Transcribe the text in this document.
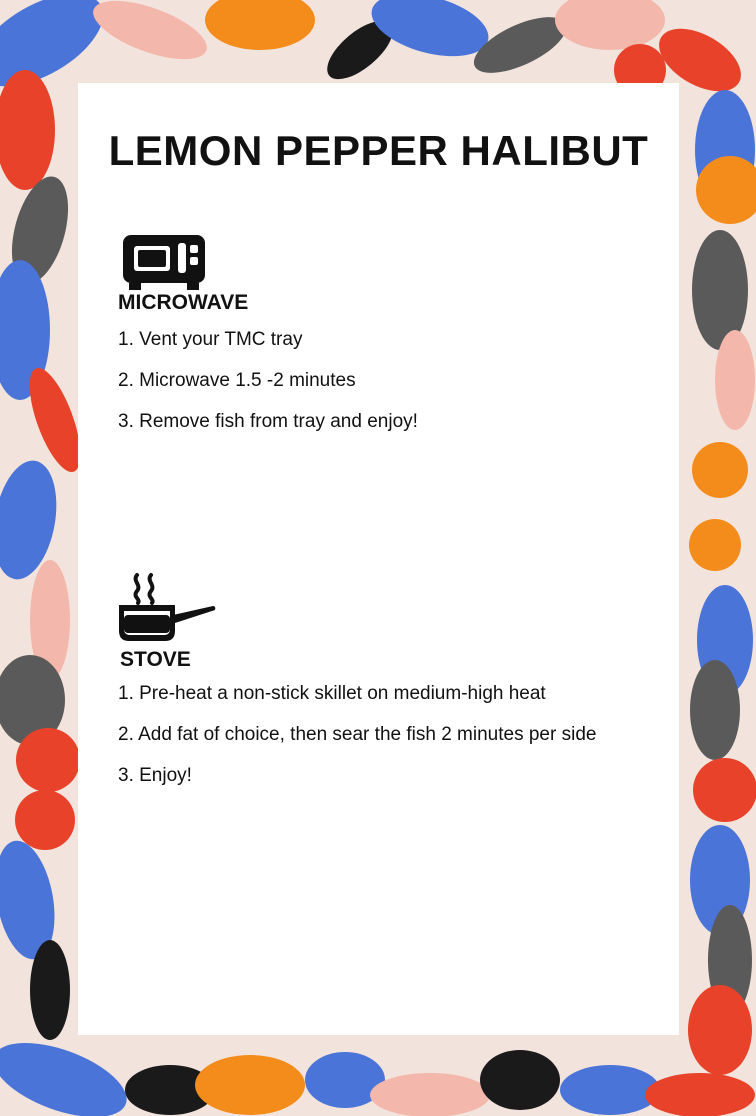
LEMON PEPPER HALIBUT
MICROWAVE
1. Vent your TMC tray
2. Microwave 1.5 -2 minutes
3. Remove fish from tray and enjoy!
STOVE
1. Pre-heat a non-stick skillet on medium-high heat
2. Add fat of choice, then sear the fish 2 minutes per side
3. Enjoy!
